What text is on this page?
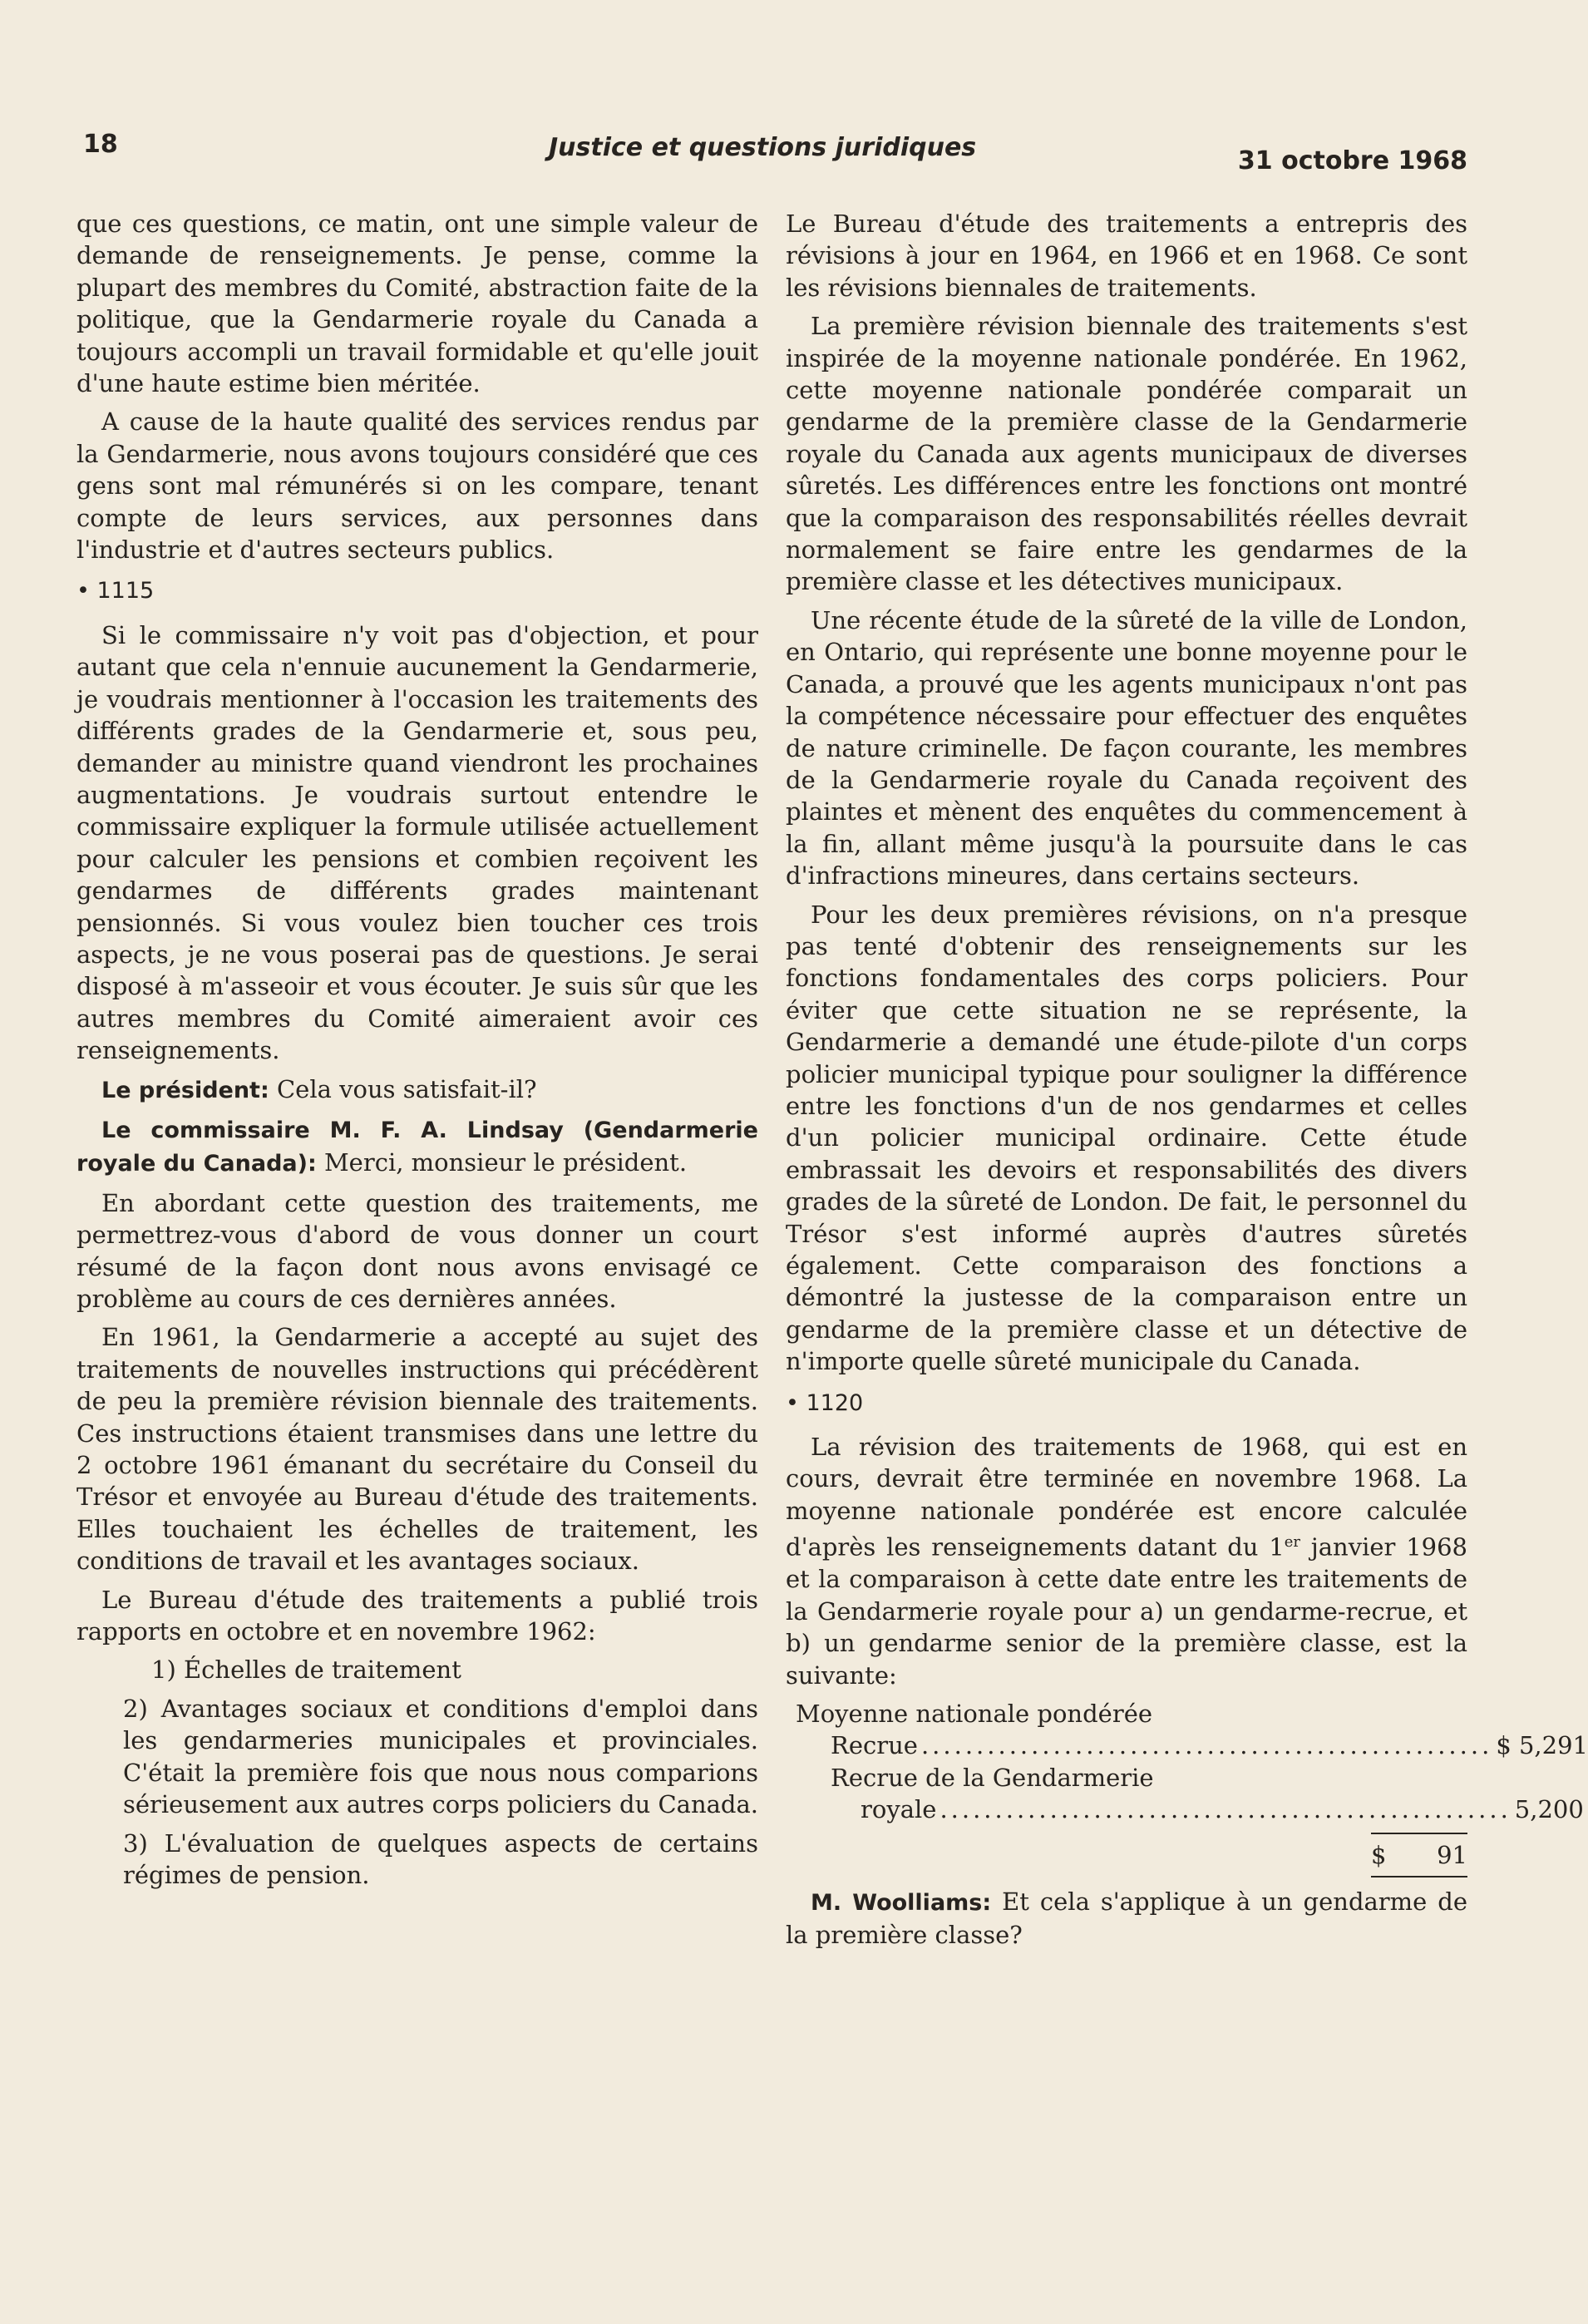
18	Justice et questions juridiques	31 octobre 1968

que ces questions, ce matin, ont une simple valeur de demande de renseignements. Je pense, comme la plupart des membres du Comité, abstraction faite de la politique, que la Gendarmerie royale du Canada a toujours accompli un travail formidable et qu'elle jouit d'une haute estime bien méritée.

A cause de la haute qualité des services rendus par la Gendarmerie, nous avons toujours considéré que ces gens sont mal rémunérés si on les compare, tenant compte de leurs services, aux personnes dans l'industrie et d'autres secteurs publics.

• 1115

Si le commissaire n'y voit pas d'objection, et pour autant que cela n'ennuie aucunement la Gendarmerie, je voudrais mentionner à l'occasion les traitements des différents grades de la Gendarmerie et, sous peu, demander au ministre quand viendront les prochaines augmentations. Je voudrais surtout entendre le commissaire expliquer la formule utilisée actuellement pour calculer les pensions et combien reçoivent les gendarmes de différents grades maintenant pensionnés. Si vous voulez bien toucher ces trois aspects, je ne vous poserai pas de questions. Je serai disposé à m'asseoir et vous écouter. Je suis sûr que les autres membres du Comité aimeraient avoir ces renseignements.

Le président: Cela vous satisfait-il?

Le commissaire M. F. A. Lindsay (Gendarmerie royale du Canada): Merci, monsieur le président.

En abordant cette question des traitements, me permettrez-vous d'abord de vous donner un court résumé de la façon dont nous avons envisagé ce problème au cours de ces dernières années.

En 1961, la Gendarmerie a accepté au sujet des traitements de nouvelles instructions qui précédèrent de peu la première révision biennale des traitements. Ces instructions étaient transmises dans une lettre du 2 octobre 1961 émanant du secrétaire du Conseil du Trésor et envoyée au Bureau d'étude des traitements. Elles touchaient les échelles de traitement, les conditions de travail et les avantages sociaux.

Le Bureau d'étude des traitements a publié trois rapports en octobre et en novembre 1962:

1) Échelles de traitement

2) Avantages sociaux et conditions d'emploi dans les gendarmeries municipales et provinciales. C'était la première fois que nous nous comparions sérieusement aux autres corps policiers du Canada.

3) L'évaluation de quelques aspects de certains régimes de pension.

Le Bureau d'étude des traitements a entrepris des révisions à jour en 1964, en 1966 et en 1968. Ce sont les révisions biennales de traitements.

La première révision biennale des traitements s'est inspirée de la moyenne nationale pondérée. En 1962, cette moyenne nationale pondérée comparait un gendarme de la première classe de la Gendarmerie royale du Canada aux agents municipaux de diverses sûretés. Les différences entre les fonctions ont montré que la comparaison des responsabilités réelles devrait normalement se faire entre les gendarmes de la première classe et les détectives municipaux.

Une récente étude de la sûreté de la ville de London, en Ontario, qui représente une bonne moyenne pour le Canada, a prouvé que les agents municipaux n'ont pas la compétence nécessaire pour effectuer des enquêtes de nature criminelle. De façon courante, les membres de la Gendarmerie royale du Canada reçoivent des plaintes et mènent des enquêtes du commencement à la fin, allant même jusqu'à la poursuite dans le cas d'infractions mineures, dans certains secteurs.

Pour les deux premières révisions, on n'a presque pas tenté d'obtenir des renseignements sur les fonctions fondamentales des corps policiers. Pour éviter que cette situation ne se représente, la Gendarmerie a demandé une étude-pilote d'un corps policier municipal typique pour souligner la différence entre les fonctions d'un de nos gendarmes et celles d'un policier municipal ordinaire. Cette étude embrassait les devoirs et responsabilités des divers grades de la sûreté de London. De fait, le personnel du Trésor s'est informé auprès d'autres sûretés également. Cette comparaison des fonctions a démontré la justesse de la comparaison entre un gendarme de la première classe et un détective de n'importe quelle sûreté municipale du Canada.

• 1120

La révision des traitements de 1968, qui est en cours, devrait être terminée en novembre 1968. La moyenne nationale pondérée est encore calculée d'après les renseignements datant du 1er janvier 1968 et la comparaison à cette date entre les traitements de la Gendarmerie royale pour a) un gendarme-recrue, et b) un gendarme senior de la première classe, est la suivante:

Moyenne nationale pondérée
Recrue .................................................... $ 5,291
Recrue de la Gendarmerie
royale .................................................... 5,200
$ 91

M. Woolliams: Et cela s'applique à un gendarme de la première classe?
